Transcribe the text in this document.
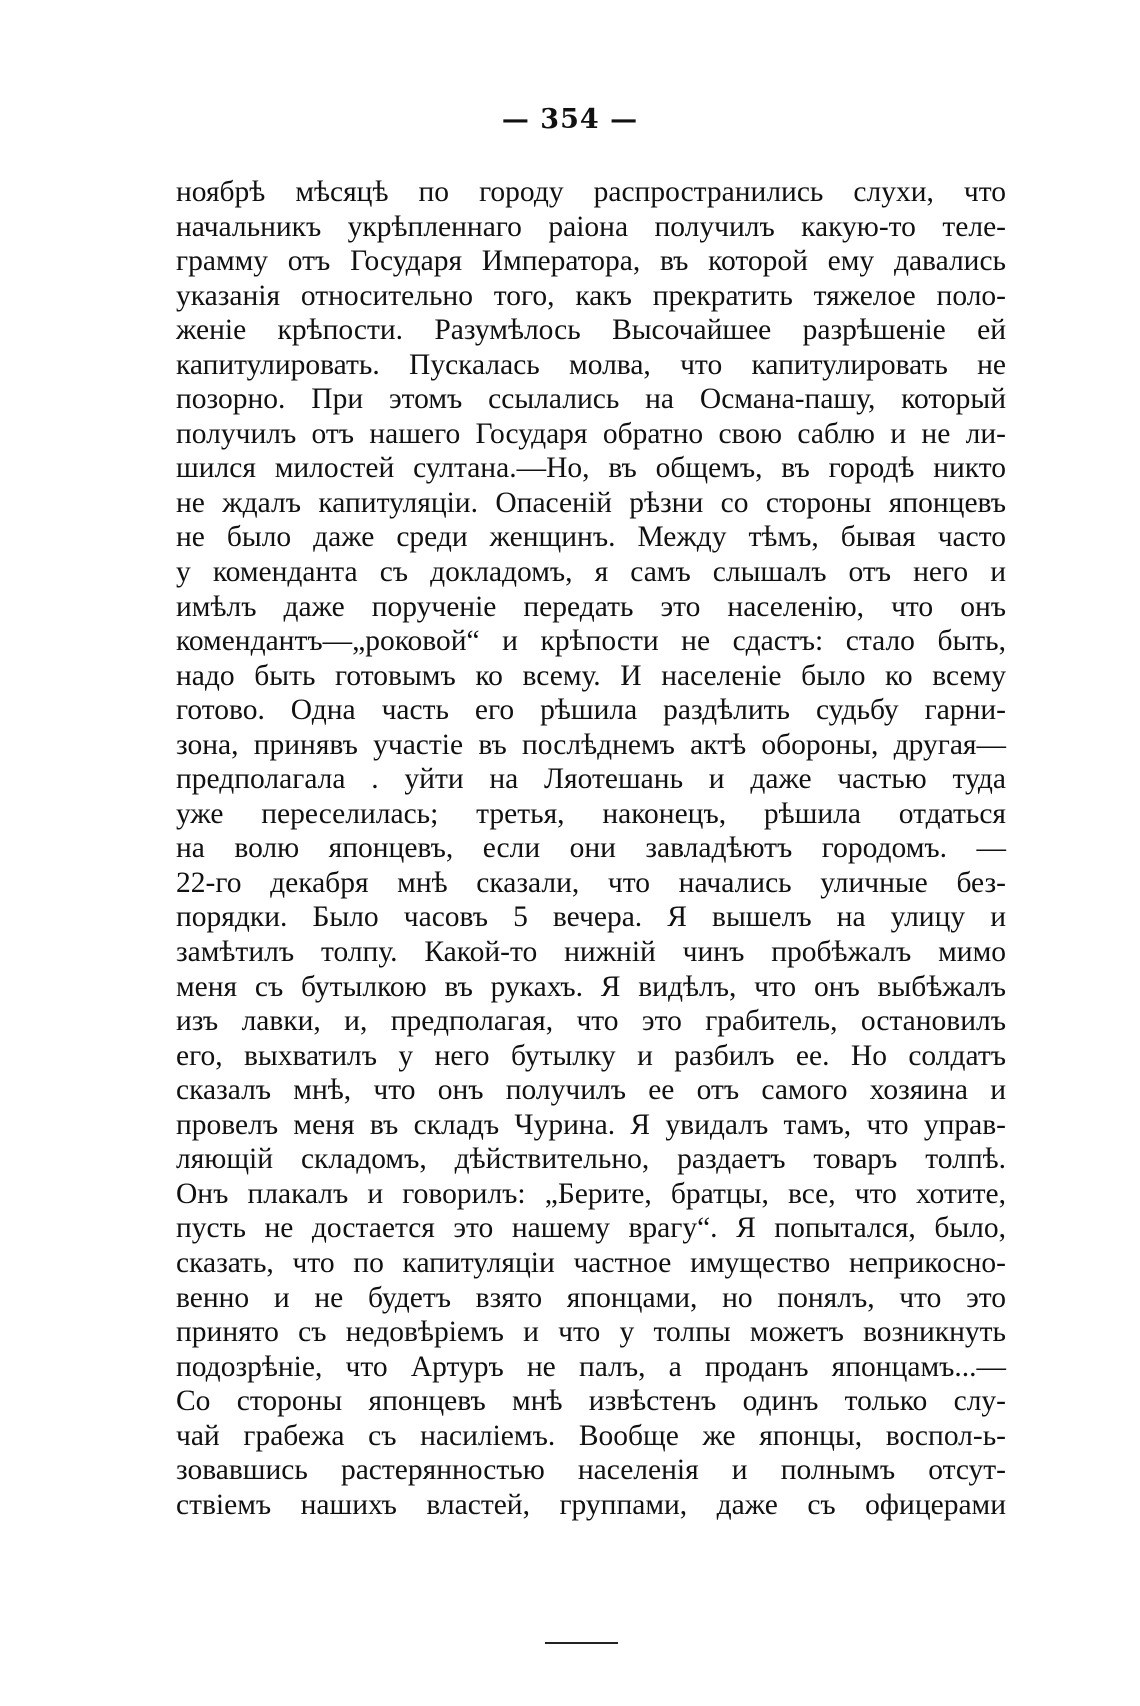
— 354 —
ноябрѣ мѣсяцѣ по городу распространились слухи, что
начальникъ укрѣпленнаго раіона получилъ какую-то теле-
грамму отъ Государя Императора, въ которой ему давались
указанія относительно того, какъ прекратить тяжелое поло-
женіе крѣпости. Разумѣлось Высочайшее разрѣшеніе ей
капитулировать. Пускалась молва, что капитулировать не
позорно. При этомъ ссылались на Османа-пашу, который
получилъ отъ нашего Государя обратно свою саблю и не ли-
шился милостей султана.—Но, въ общемъ, въ городѣ никто
не ждалъ капитуляціи. Опасеній рѣзни со стороны японцевъ
не было даже среди женщинъ. Между тѣмъ, бывая часто
у коменданта съ докладомъ, я самъ слышалъ отъ него и
имѣлъ даже порученіе передать это населенію, что онъ
комендантъ—„роковой“ и крѣпости не сдастъ: стало быть,
надо быть готовымъ ко всему. И населеніе было ко всему
готово. Одна часть его рѣшила раздѣлить судьбу гарни-
зона, принявъ участіе въ послѣднемъ актѣ обороны, другая—
предполагала . уйти на Ляотешань и даже частью туда
уже переселилась; третья, наконецъ, рѣшила отдаться
на волю японцевъ, если они завладѣютъ городомъ. —
22-го декабря мнѣ сказали, что начались уличные без-
порядки. Было часовъ 5 вечера. Я вышелъ на улицу и
замѣтилъ толпу. Какой-то нижній чинъ пробѣжалъ мимо
меня съ бутылкою въ рукахъ. Я видѣлъ, что онъ выбѣжалъ
изъ лавки, и, предполагая, что это грабитель, остановилъ
его, выхватилъ у него бутылку и разбилъ ее. Но солдатъ
сказалъ мнѣ, что онъ получилъ ее отъ самого хозяина и
провелъ меня въ складъ Чурина. Я увидалъ тамъ, что управ-
ляющій складомъ, дѣйствительно, раздаетъ товаръ толпѣ.
Онъ плакалъ и говорилъ: „Берите, братцы, все, что хотите,
пусть не достается это нашему врагу“. Я попытался, было,
сказать, что по капитуляціи частное имущество неприкосно-
венно и не будетъ взято японцами, но понялъ, что это
принято съ недовѣріемъ и что у толпы можетъ возникнуть
подозрѣніе, что Артуръ не палъ, а проданъ японцамъ...—
Со стороны японцевъ мнѣ извѣстенъ одинъ только слу-
чай грабежа съ насиліемъ. Вообще же японцы, воспол-ь-
зовавшись растерянностью населенія и полнымъ отсут-
ствіемъ нашихъ властей, группами, даже съ офицерами
